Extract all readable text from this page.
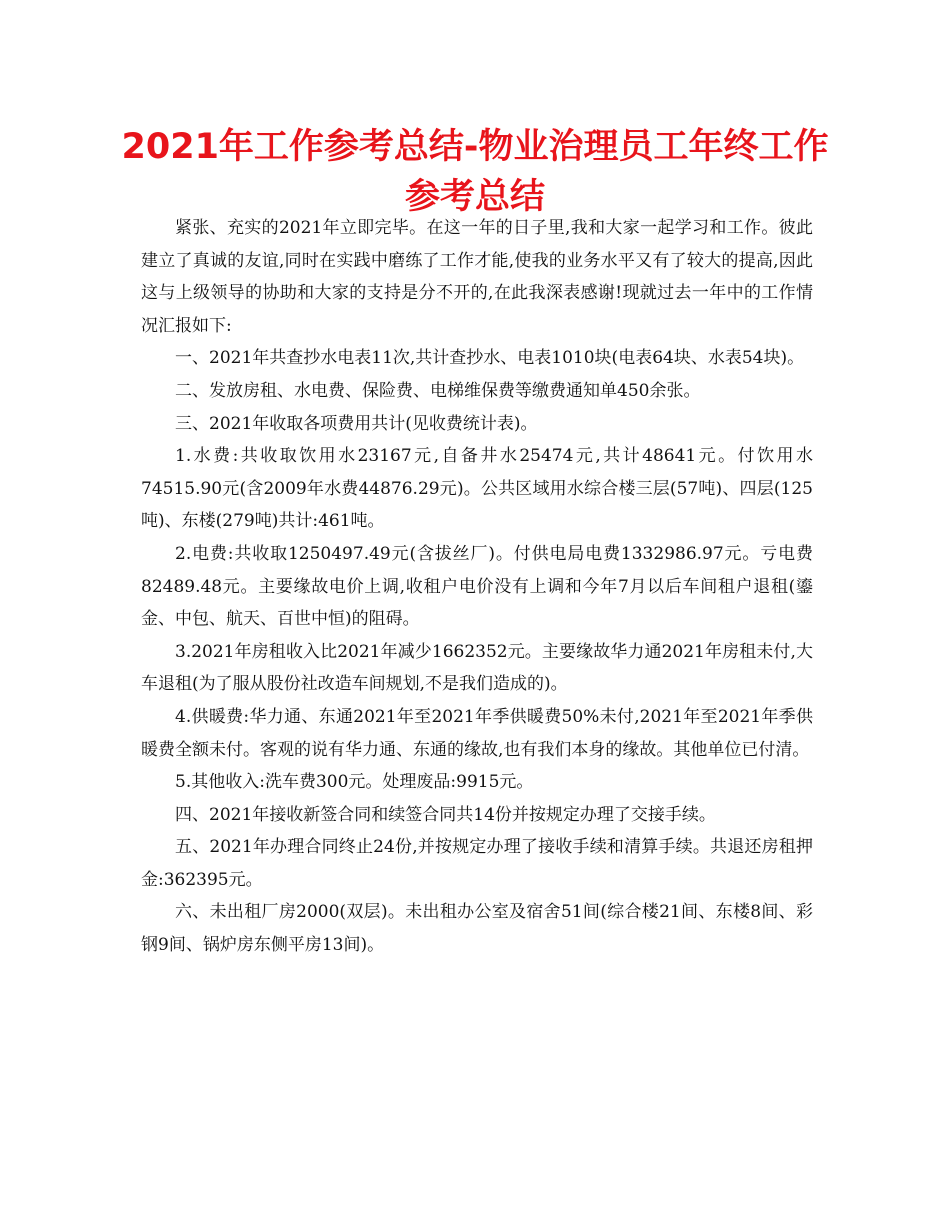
2021年工作参考总结-物业治理员工年终工作参考总结

紧张、充实的2021年立即完毕。在这一年的日子里,我和大家一起学习和工作。彼此建立了真诚的友谊,同时在实践中磨练了工作才能,使我的业务水平又有了较大的提高,因此这与上级领导的协助和大家的支持是分不开的,在此我深表感谢!现就过去一年中的工作情况汇报如下:

一、2021年共查抄水电表11次,共计查抄水、电表1010块(电表64块、水表54块)。

二、发放房租、水电费、保险费、电梯维保费等缴费通知单450余张。

三、2021年收取各项费用共计(见收费统计表)。

1.水费:共收取饮用水23167元,自备井水25474元,共计48641元。付饮用水74515.90元(含2009年水费44876.29元)。公共区域用水综合楼三层(57吨)、四层(125吨)、东楼(279吨)共计:461吨。

2.电费:共收取1250497.49元(含拔丝厂)。付供电局电费1332986.97元。亏电费82489.48元。主要缘故电价上调,收租户电价没有上调和今年7月以后车间租户退租(鎏金、中包、航天、百世中恒)的阻碍。

3.2021年房租收入比2021年减少1662352元。主要缘故华力通2021年房租未付,大车退租(为了服从股份社改造车间规划,不是我们造成的)。

4.供暖费:华力通、东通2021年至2021年季供暖费50%未付,2021年至2021年季供暖费全额未付。客观的说有华力通、东通的缘故,也有我们本身的缘故。其他单位已付清。

5.其他收入:洗车费300元。处理废品:9915元。

四、2021年接收新签合同和续签合同共14份并按规定办理了交接手续。

五、2021年办理合同终止24份,并按规定办理了接收手续和清算手续。共退还房租押金:362395元。

六、未出租厂房2000(双层)。未出租办公室及宿舍51间(综合楼21间、东楼8间、彩钢9间、锅炉房东侧平房13间)。
